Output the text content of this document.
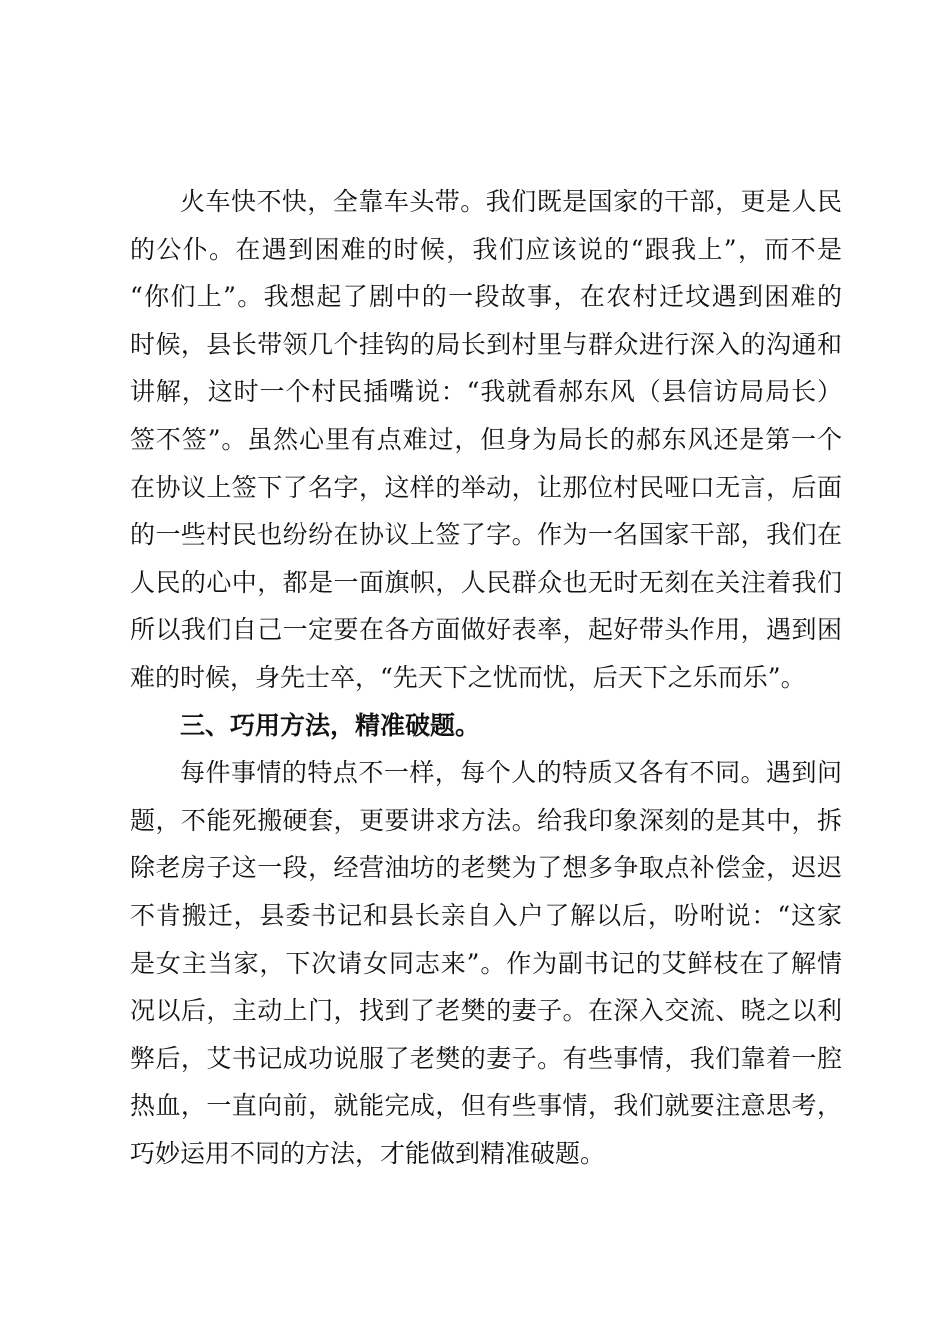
火车快不快，全靠车头带。我们既是国家的干部，更是人民
的公仆。在遇到困难的时候，我们应该说的“跟我上”，而不是
“你们上”。我想起了剧中的一段故事，在农村迁坟遇到困难的
时候，县长带领几个挂钩的局长到村里与群众进行深入的沟通和
讲解，这时一个村民插嘴说：“我就看郝东风（县信访局局长）
签不签”。虽然心里有点难过，但身为局长的郝东风还是第一个
在协议上签下了名字，这样的举动，让那位村民哑口无言，后面
的一些村民也纷纷在协议上签了字。作为一名国家干部，我们在
人民的心中，都是一面旗帜，人民群众也无时无刻在关注着我们
所以我们自己一定要在各方面做好表率，起好带头作用，遇到困
难的时候，身先士卒，“先天下之忧而忧，后天下之乐而乐”。
三、巧用方法，精准破题。
每件事情的特点不一样，每个人的特质又各有不同。遇到问
题，不能死搬硬套，更要讲求方法。给我印象深刻的是其中，拆
除老房子这一段，经营油坊的老樊为了想多争取点补偿金，迟迟
不肯搬迁，县委书记和县长亲自入户了解以后，吩咐说：“这家
是女主当家，下次请女同志来”。作为副书记的艾鲜枝在了解情
况以后，主动上门，找到了老樊的妻子。在深入交流、晓之以利
弊后，艾书记成功说服了老樊的妻子。有些事情，我们靠着一腔
热血，一直向前，就能完成，但有些事情，我们就要注意思考，
巧妙运用不同的方法，才能做到精准破题。
